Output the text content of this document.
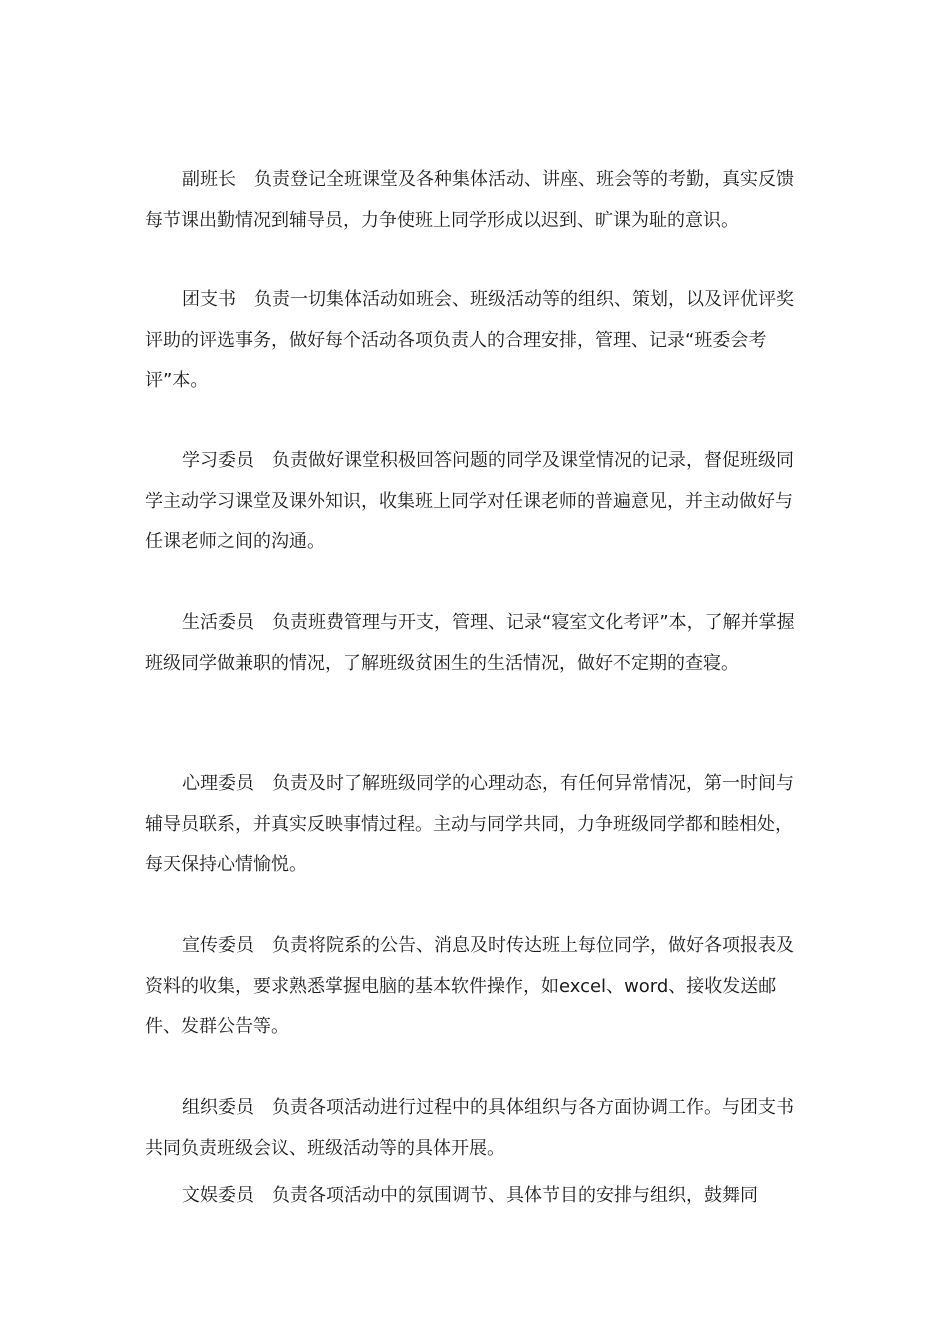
副班长 负责登记全班课堂及各种集体活动、讲座、班会等的考勤，真实反馈每节课出勤情况到辅导员，力争使班上同学形成以迟到、旷课为耻的意识。

团支书 负责一切集体活动如班会、班级活动等的组织、策划，以及评优评奖评助的评选事务，做好每个活动各项负责人的合理安排，管理、记录“班委会考评”本。

学习委员 负责做好课堂积极回答问题的同学及课堂情况的记录，督促班级同学主动学习课堂及课外知识，收集班上同学对任课老师的普遍意见，并主动做好与任课老师之间的沟通。

生活委员 负责班费管理与开支，管理、记录“寝室文化考评”本，了解并掌握班级同学做兼职的情况，了解班级贫困生的生活情况，做好不定期的查寝。

心理委员 负责及时了解班级同学的心理动态，有任何异常情况，第一时间与辅导员联系，并真实反映事情过程。主动与同学共同，力争班级同学都和睦相处，每天保持心情愉悦。

宣传委员 负责将院系的公告、消息及时传达班上每位同学，做好各项报表及资料的收集，要求熟悉掌握电脑的基本软件操作，如excel、word、接收发送邮件、发群公告等。

组织委员 负责各项活动进行过程中的具体组织与各方面协调工作。与团支书共同负责班级会议、班级活动等的具体开展。

文娱委员 负责各项活动中的氛围调节、具体节目的安排与组织，鼓舞同
